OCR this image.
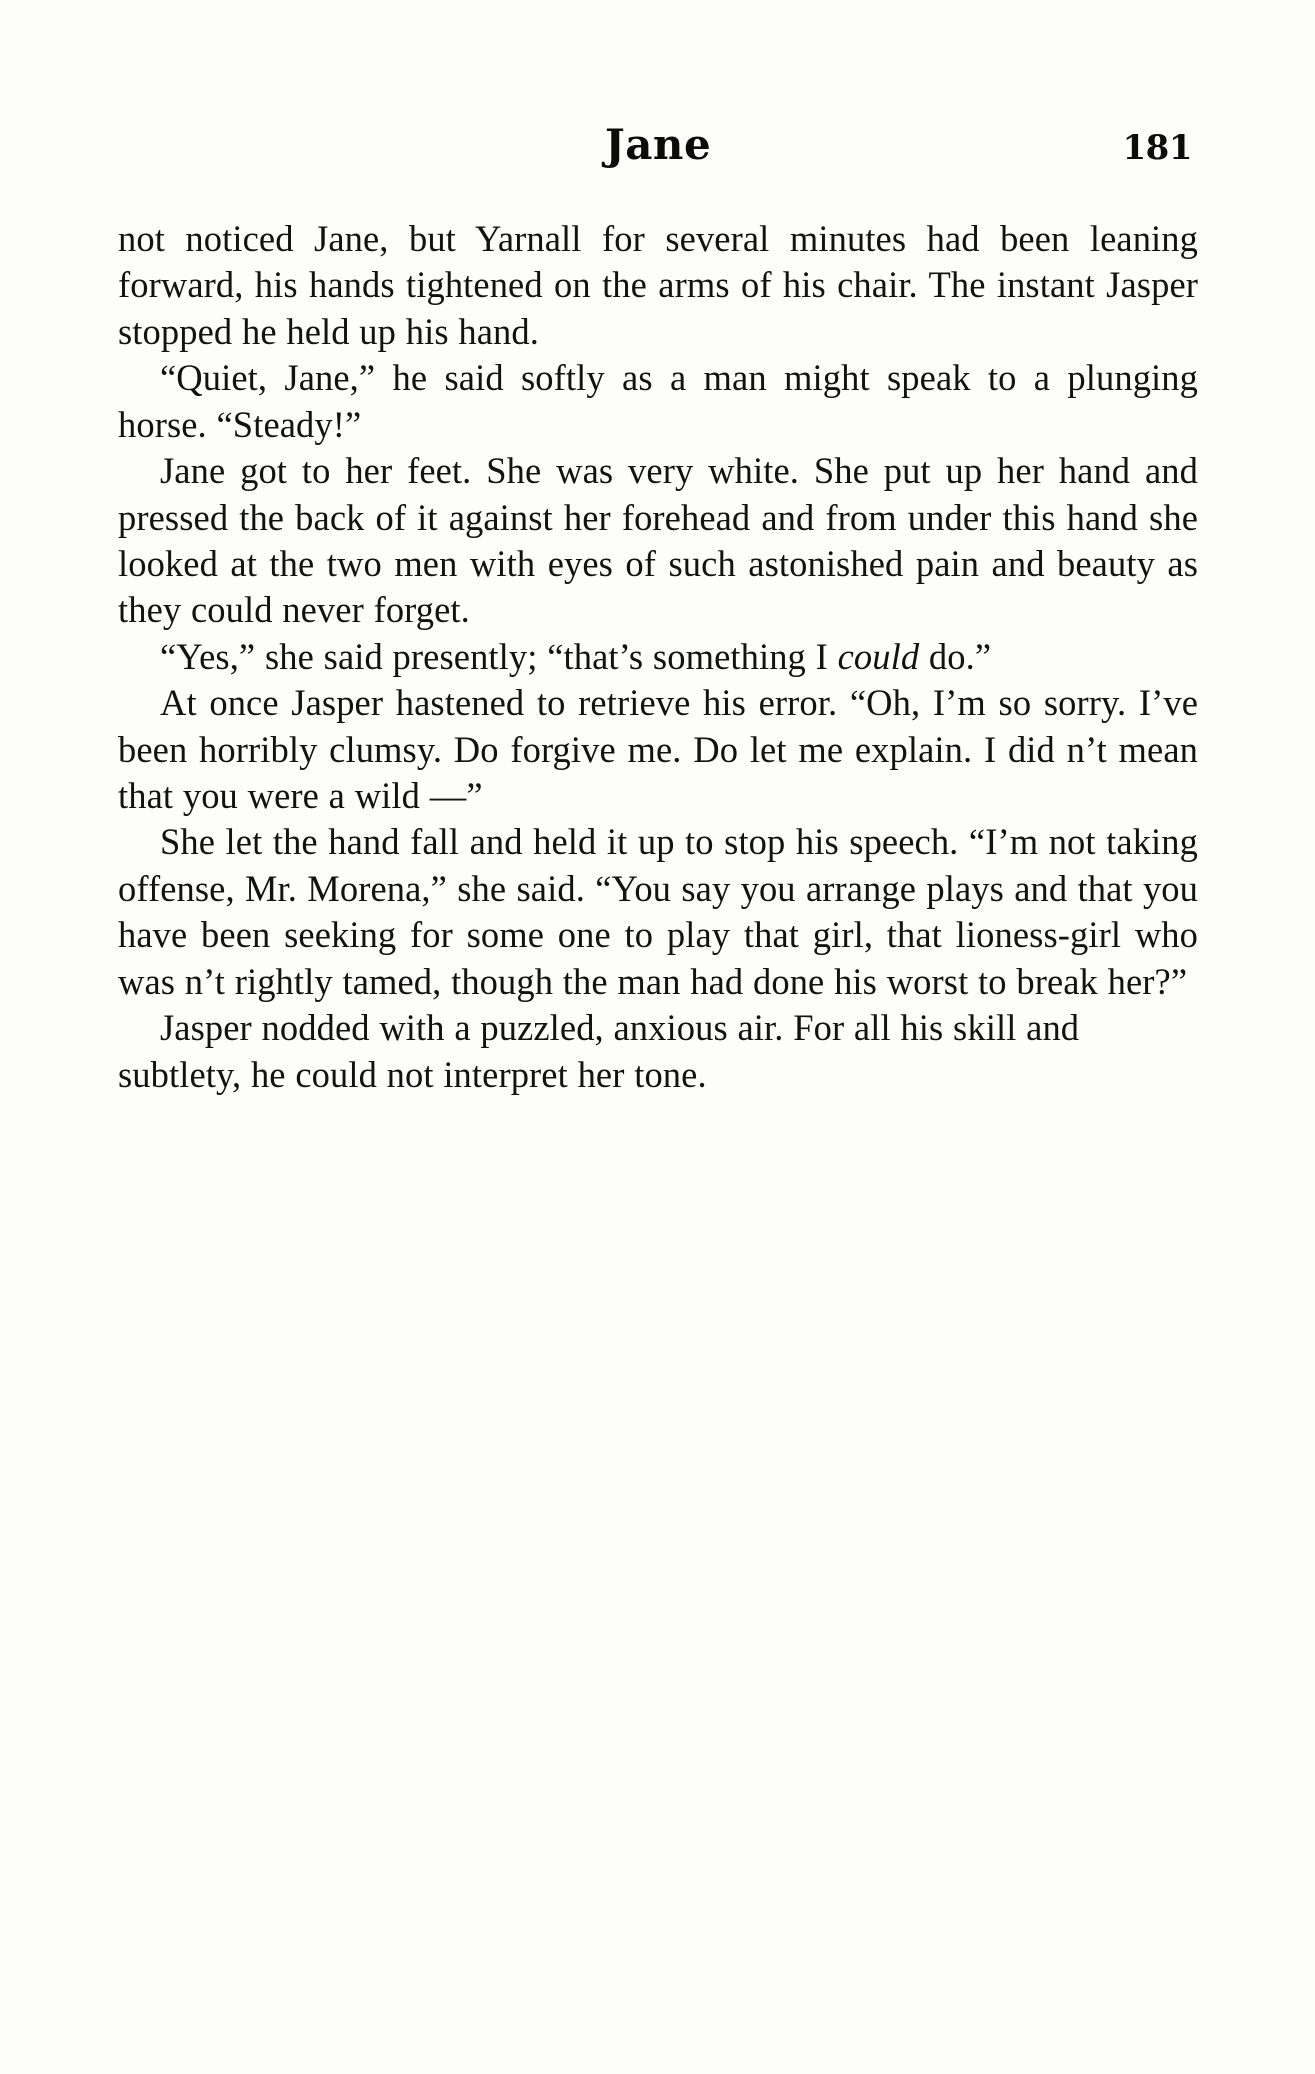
Jane	181

not noticed Jane, but Yarnall for several minutes had been leaning forward, his hands tightened on the arms of his chair. The instant Jasper stopped he held up his hand.

“Quiet, Jane,” he said softly as a man might speak to a plunging horse. “Steady!”

Jane got to her feet. She was very white. She put up her hand and pressed the back of it against her forehead and from under this hand she looked at the two men with eyes of such astonished pain and beauty as they could never forget.

“Yes,” she said presently; “that’s something I could do.”

At once Jasper hastened to retrieve his error. “Oh, I’m so sorry. I’ve been horribly clumsy. Do forgive me. Do let me explain. I did n’t mean that you were a wild —”

She let the hand fall and held it up to stop his speech. “I’m not taking offense, Mr. Morena,” she said. “You say you arrange plays and that you have been seeking for some one to play that girl, that lioness-girl who was n’t rightly tamed, though the man had done his worst to break her?”

Jasper nodded with a puzzled, anxious air. For all his skill and subtlety, he could not interpret her tone.
